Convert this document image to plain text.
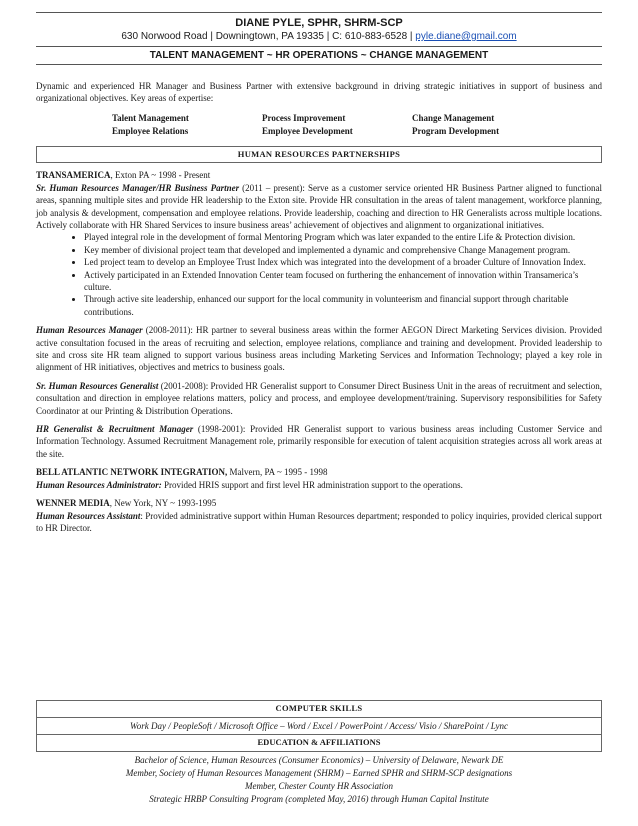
DIANE PYLE, SPHR, SHRM-SCP
630 Norwood Road | Downingtown, PA 19335 | C: 610-883-6528 | pyle.diane@gmail.com
TALENT MANAGEMENT ~ HR OPERATIONS ~ CHANGE MANAGEMENT

Dynamic and experienced HR Manager and Business Partner with extensive background in driving strategic initiatives in support of business and organizational objectives. Key areas of expertise:

Talent Management	Process Improvement	Change Management
Employee Relations	Employee Development	Program Development
HUMAN RESOURCES PARTNERSHIPS

TRANSAMERICA, Exton PA ~ 1998 - Present

Sr. Human Resources Manager/HR Business Partner (2011 – present): Serve as a customer service oriented HR Business Partner aligned to functional areas, spanning multiple sites and provide HR leadership to the Exton site. Provide HR consultation in the areas of talent management, workforce planning, job analysis & development, compensation and employee relations. Provide leadership, coaching and direction to HR Generalists across multiple locations. Actively collaborate with HR Shared Services to insure business areas’ achievement of objectives and alignment to organizational initiatives.

• Played integral role in the development of formal Mentoring Program which was later expanded to the entire Life & Protection division.
• Key member of divisional project team that developed and implemented a dynamic and comprehensive Change Management program.
• Led project team to develop an Employee Trust Index which was integrated into the development of a broader Culture of Innovation Index.
• Actively participated in an Extended Innovation Center team focused on furthering the enhancement of innovation within Transamerica’s culture.
• Through active site leadership, enhanced our support for the local community in volunteerism and financial support through charitable contributions.

Human Resources Manager (2008-2011): HR partner to several business areas within the former AEGON Direct Marketing Services division. Provided active consultation focused in the areas of recruiting and selection, employee relations, compliance and training and development. Provided leadership to site and cross site HR team aligned to support various business areas including Marketing Services and Information Technology; played a key role in alignment of HR initiatives, objectives and metrics to business goals.

Sr. Human Resources Generalist (2001-2008): Provided HR Generalist support to Consumer Direct Business Unit in the areas of recruitment and selection, consultation and direction in employee relations matters, policy and process, and employee development/training. Supervisory responsibilities for Safety Coordinator at our Printing & Distribution Operations.

HR Generalist & Recruitment Manager (1998-2001): Provided HR Generalist support to various business areas including Customer Service and Information Technology. Assumed Recruitment Management role, primarily responsible for execution of talent acquisition strategies across all work areas at the site.

BELL ATLANTIC NETWORK INTEGRATION, Malvern, PA ~ 1995 - 1998

Human Resources Administrator: Provided HRIS support and first level HR administration support to the operations.

WENNER MEDIA, New York, NY ~ 1993-1995

Human Resources Assistant: Provided administrative support within Human Resources department; responded to policy inquiries, provided clerical support to HR Director.

COMPUTER SKILLS
Work Day / PeopleSoft / Microsoft Office – Word / Excel / PowerPoint / Access/ Visio / SharePoint / Lync
EDUCATION & AFFILIATIONS
Bachelor of Science, Human Resources (Consumer Economics) – University of Delaware, Newark DE
Member, Society of Human Resources Management (SHRM) – Earned SPHR and SHRM-SCP designations
Member, Chester County HR Association
Strategic HRBP Consulting Program (completed May, 2016) through Human Capital Institute
